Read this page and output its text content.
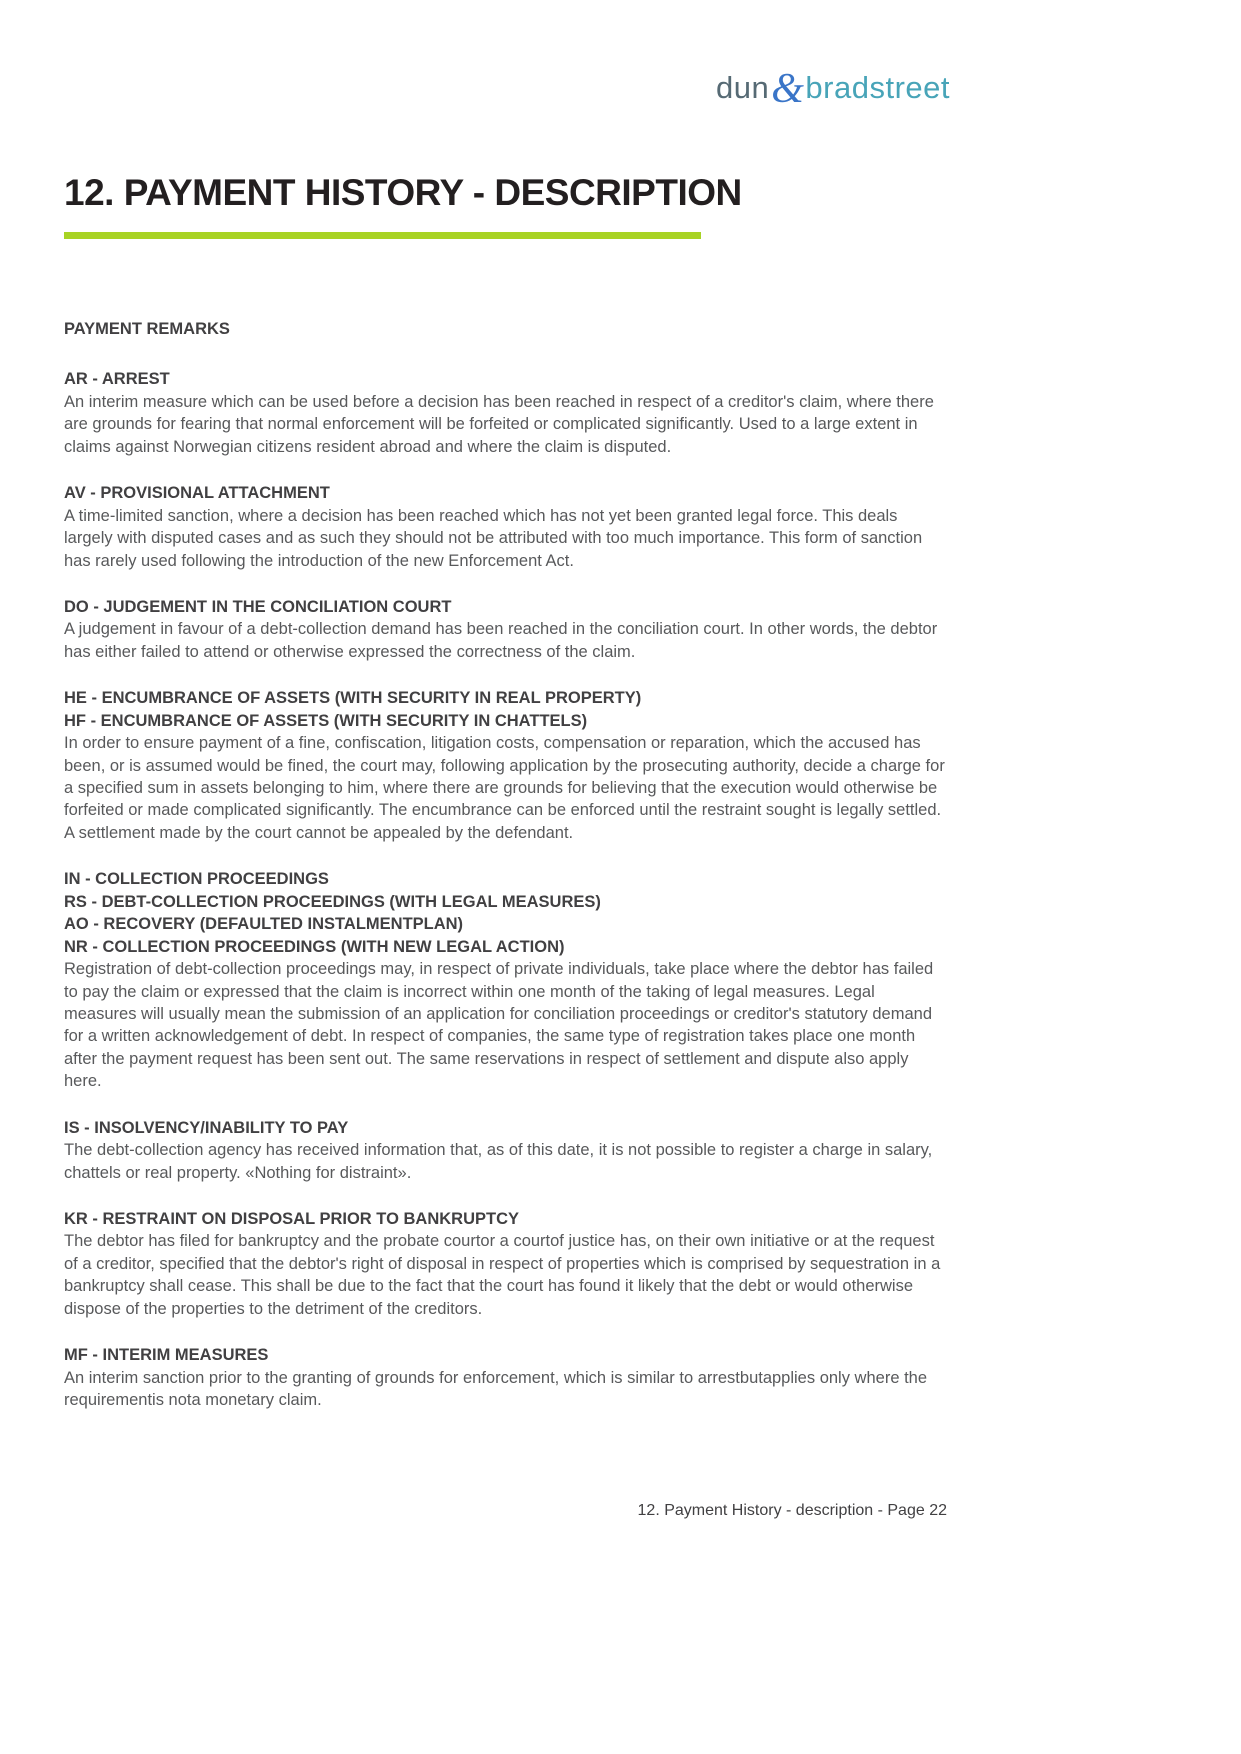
dun&bradstreet
12. PAYMENT HISTORY - DESCRIPTION
PAYMENT REMARKS
AR - ARREST

An interim measure which can be used before a decision has been reached in respect of a creditor's claim, where there are grounds for fearing that normal enforcement will be forfeited or complicated significantly. Used to a large extent in claims against Norwegian citizens resident abroad and where the claim is disputed.

AV - PROVISIONAL ATTACHMENT

A time-limited sanction, where a decision has been reached which has not yet been granted legal force. This deals largely with disputed cases and as such they should not be attributed with too much importance. This form of sanction has rarely used following the introduction of the new Enforcement Act.

DO - JUDGEMENT IN THE CONCILIATION COURT

A judgement in favour of a debt-collection demand has been reached in the conciliation court. In other words, the debtor has either failed to attend or otherwise expressed the correctness of the claim.

HE - ENCUMBRANCE OF ASSETS (WITH SECURITY IN REAL PROPERTY)
HF - ENCUMBRANCE OF ASSETS (WITH SECURITY IN CHATTELS)

In order to ensure payment of a fine, confiscation, litigation costs, compensation or reparation, which the accused has been, or is assumed would be fined, the court may, following application by the prosecuting authority, decide a charge for a specified sum in assets belonging to him, where there are grounds for believing that the execution would otherwise be forfeited or made complicated significantly. The encumbrance can be enforced until the restraint sought is legally settled. A settlement made by the court cannot be appealed by the defendant.

IN - COLLECTION PROCEEDINGS
RS - DEBT-COLLECTION PROCEEDINGS (WITH LEGAL MEASURES)
AO - RECOVERY (DEFAULTED INSTALMENTPLAN)
NR - COLLECTION PROCEEDINGS (WITH NEW LEGAL ACTION)

Registration of debt-collection proceedings may, in respect of private individuals, take place where the debtor has failed to pay the claim or expressed that the claim is incorrect within one month of the taking of legal measures. Legal measures will usually mean the submission of an application for conciliation proceedings or creditor's statutory demand for a written acknowledgement of debt. In respect of companies, the same type of registration takes place one month after the payment request has been sent out. The same reservations in respect of settlement and dispute also apply here.

IS - INSOLVENCY/INABILITY TO PAY

The debt-collection agency has received information that, as of this date, it is not possible to register a charge in salary, chattels or real property. «Nothing for distraint».

KR - RESTRAINT ON DISPOSAL PRIOR TO BANKRUPTCY

The debtor has filed for bankruptcy and the probate courtor a courtof justice has, on their own initiative or at the request of a creditor, specified that the debtor's right of disposal in respect of properties which is comprised by sequestration in a bankruptcy shall cease. This shall be due to the fact that the court has found it likely that the debt or would otherwise dispose of the properties to the detriment of the creditors.

MF - INTERIM MEASURES

An interim sanction prior to the granting of grounds for enforcement, which is similar to arrestbutapplies only where the requirementis nota monetary claim.

12. Payment History - description - Page 22
